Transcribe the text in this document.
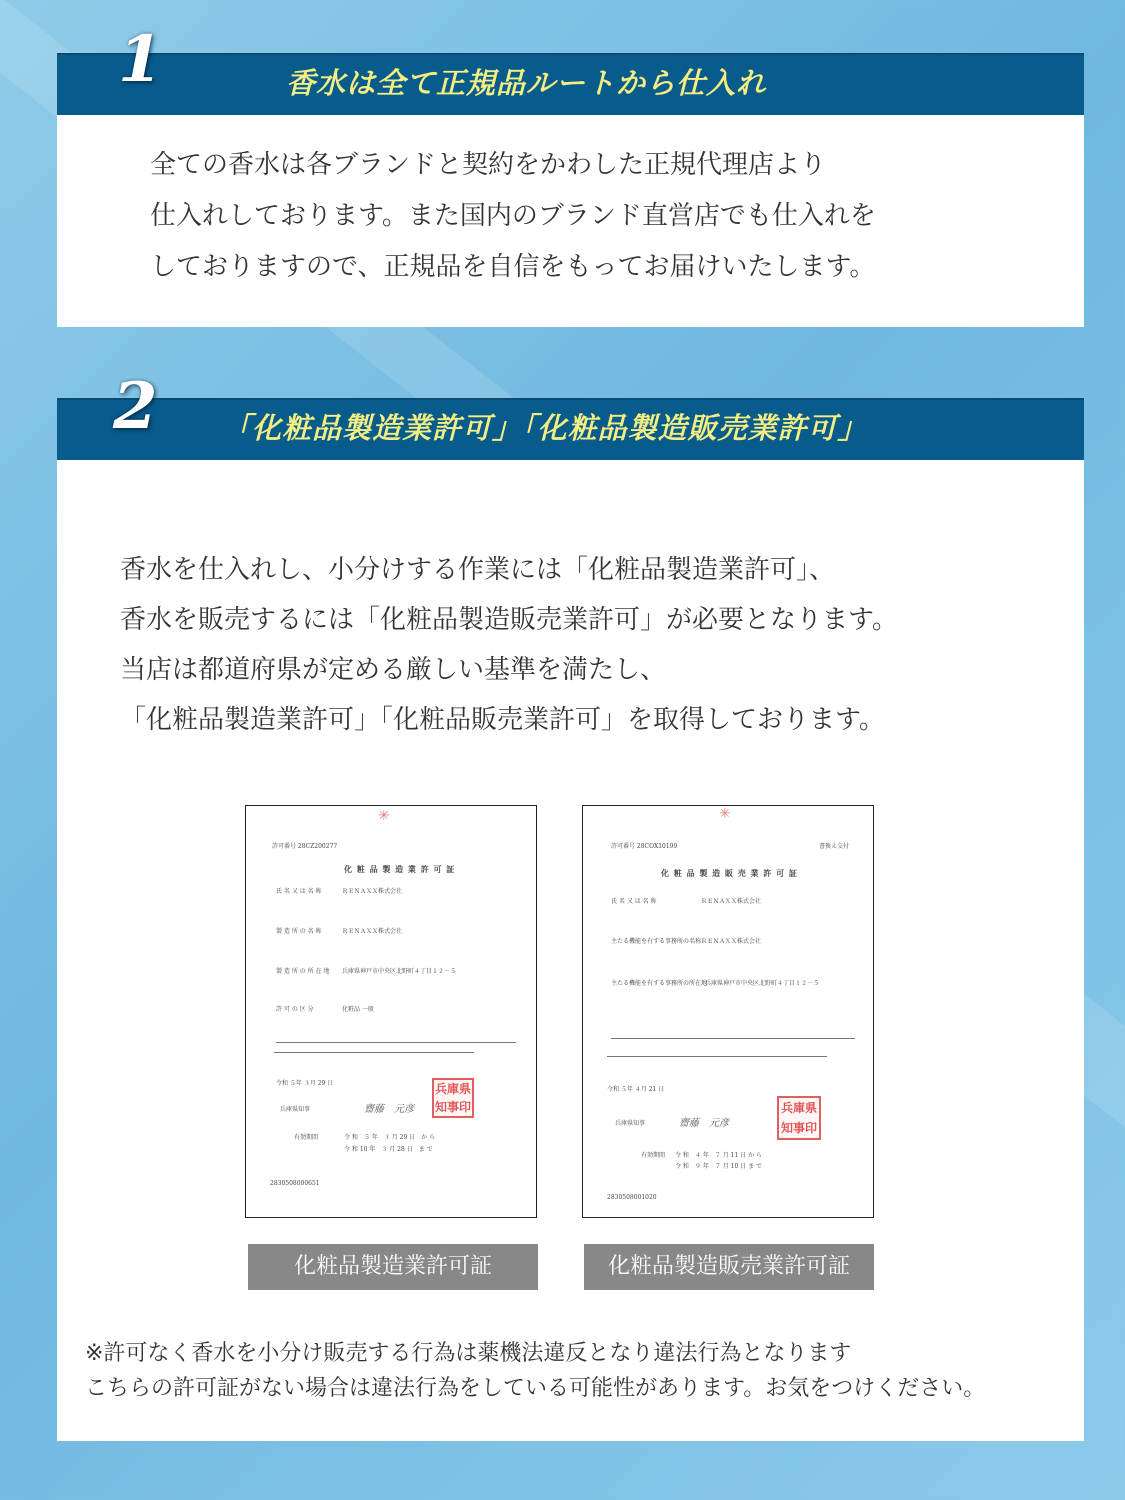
1	香水は全て正規品ルートから仕入れ
全ての香水は各ブランドと契約をかわした正規代理店より
仕入れしております。また国内のブランド直営店でも仕入れを
しておりますので、正規品を自信をもってお届けいたします。
2 「化粧品製造業許可」「化粧品製造販売業許可」
香水を仕入れし、小分けする作業には「化粧品製造業許可」、
香水を販売するには「化粧品製造販売業許可」が必要となります。
当店は都道府県が定める厳しい基準を満たし、
「化粧品製造業許可」「化粧品販売業許可」を取得しております。
✳
許可番号 28CZ200277
化 粧 品 製 造 業 許 可 証
氏 名 又 は 名 称	ＲＥＮＡＸＸ株式会社
製 造 所 の 名 称	ＲＥＮＡＸＸ株式会社
製 造 所 の 所 在 地 兵庫県神戸市中央区北野町４丁目１２－５
許 可 の 区 分	化粧品 一般
令和 ５年 ３月 29 日
兵庫県知事	齋藤　元彦
兵庫県知事印
有効期間	令 和　５ 年　３ 月 29 日　か ら
令 和 10 年　３ 月 28 日　ま で
2830508000651
化粧品製造業許可証
✳
許可番号 28COX10199	書換え交付
化 粧 品 製 造 販 売 業 許 可 証
氏 名 又 は 名 称	ＲＥＮＡＸＸ株式会社
主たる機能を有する事務所の名称 ＲＥＮＡＸＸ株式会社
主たる機能を有する事務所の所在地
兵庫県神戸市中央区北野町４丁目１２－５
令和 ５年 ４月 21 日
兵庫県知事	齋藤　元彦
兵庫県知事印
有効期間 令 和　４ 年　７ 月 11 日 か ら
令 和　９ 年　７ 月 10 日 ま で
2830508001020
化粧品製造販売業許可証
※許可なく香水を小分け販売する行為は薬機法違反となり違法行為となります
こちらの許可証がない場合は違法行為をしている可能性があります。お気をつけください。
